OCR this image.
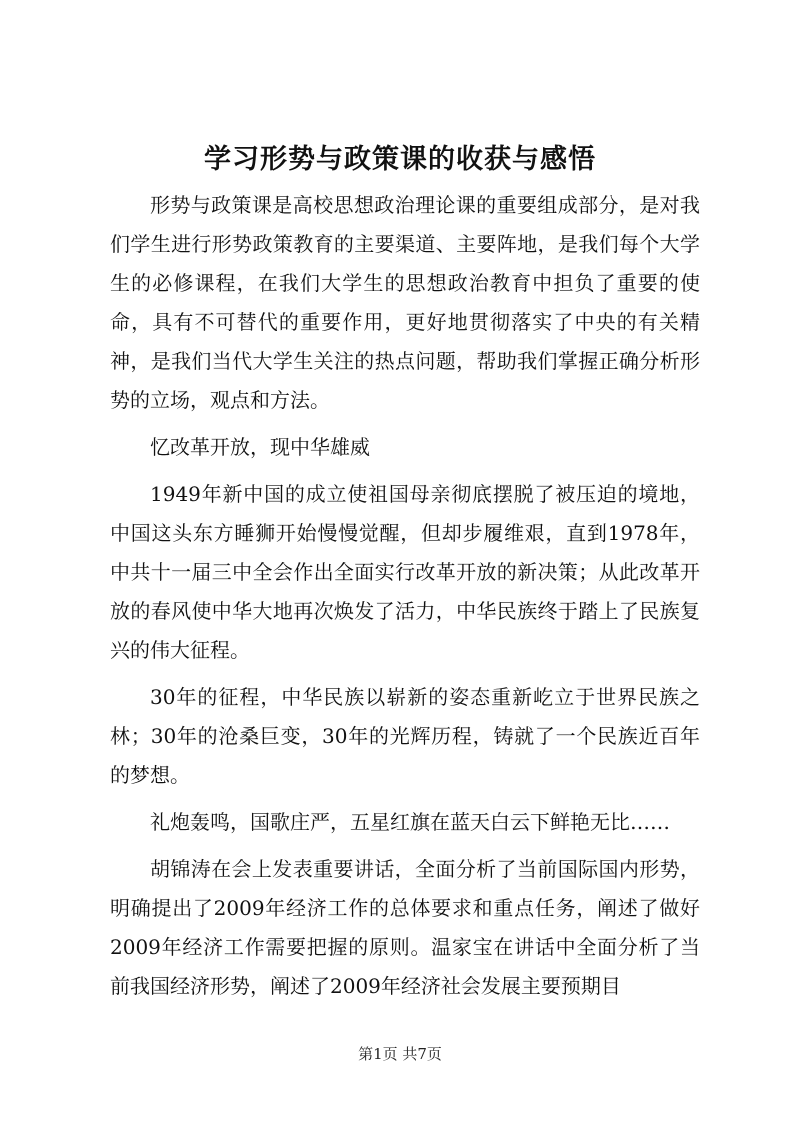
学习形势与政策课的收获与感悟

形势与政策课是高校思想政治理论课的重要组成部分，是对我们学生进行形势政策教育的主要渠道、主要阵地，是我们每个大学生的必修课程，在我们大学生的思想政治教育中担负了重要的使命，具有不可替代的重要作用，更好地贯彻落实了中央的有关精神，是我们当代大学生关注的热点问题，帮助我们掌握正确分析形势的立场，观点和方法。

忆改革开放，现中华雄威

1949年新中国的成立使祖国母亲彻底摆脱了被压迫的境地，中国这头东方睡狮开始慢慢觉醒，但却步履维艰，直到1978年，中共十一届三中全会作出全面实行改革开放的新决策；从此改革开放的春风使中华大地再次焕发了活力，中华民族终于踏上了民族复兴的伟大征程。

30年的征程，中华民族以崭新的姿态重新屹立于世界民族之林；30年的沧桑巨变，30年的光辉历程，铸就了一个民族近百年的梦想。

礼炮轰鸣，国歌庄严，五星红旗在蓝天白云下鲜艳无比……

胡锦涛在会上发表重要讲话，全面分析了当前国际国内形势，明确提出了2009年经济工作的总体要求和重点任务，阐述了做好2009年经济工作需要把握的原则。温家宝在讲话中全面分析了当前我国经济形势，阐述了2009年经济社会发展主要预期目

第1页 共7页
